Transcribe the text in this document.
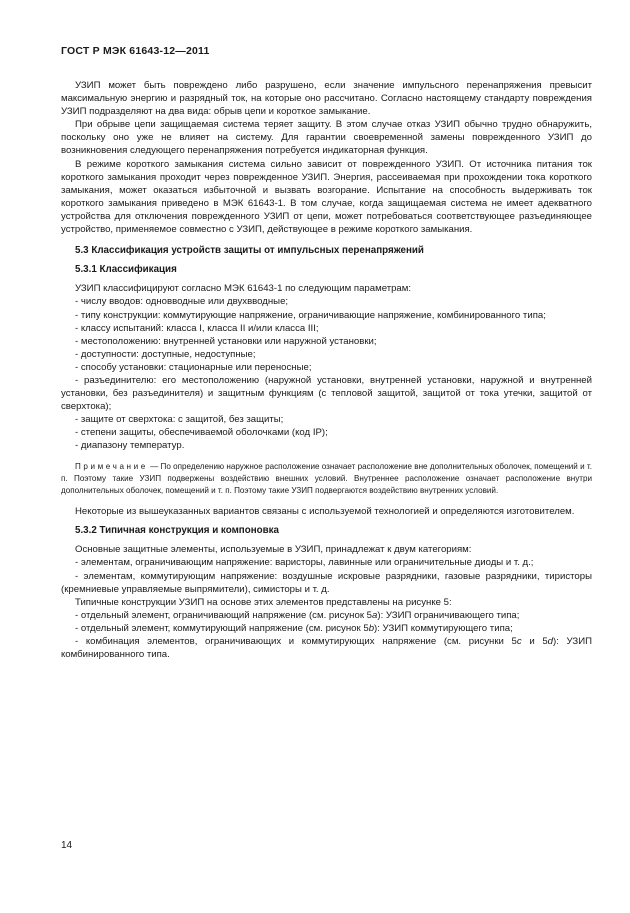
ГОСТ Р МЭК 61643-12—2011

УЗИП может быть повреждено либо разрушено, если значение импульсного перенапряжения превысит максимальную энергию и разрядный ток, на которые оно рассчитано. Согласно настоящему стандарту повреждения УЗИП подразделяют на два вида: обрыв цепи и короткое замыкание.

При обрыве цепи защищаемая система теряет защиту. В этом случае отказ УЗИП обычно трудно обнаружить, поскольку оно уже не влияет на систему. Для гарантии своевременной замены поврежденного УЗИП до возникновения следующего перенапряжения потребуется индикаторная функция.

В режиме короткого замыкания система сильно зависит от поврежденного УЗИП. От источника питания ток короткого замыкания проходит через поврежденное УЗИП. Энергия, рассеиваемая при прохождении тока короткого замыкания, может оказаться избыточной и вызвать возгорание. Испытание на способность выдерживать ток короткого замыкания приведено в МЭК 61643-1. В том случае, когда защищаемая система не имеет адекватного устройства для отключения поврежденного УЗИП от цепи, может потребоваться соответствующее разъединяющее устройство, применяемое совместно с УЗИП, действующее в режиме короткого замыкания.

5.3 Классификация устройств защиты от импульсных перенапряжений
5.3.1 Классификация

УЗИП классифицируют согласно МЭК 61643-1 по следующим параметрам:

- числу вводов: одновводные или двухвводные;

- типу конструкции: коммутирующие напряжение, ограничивающие напряжение, комбинированного типа;

- классу испытаний: класса I, класса II и/или класса III;

- местоположению: внутренней установки или наружной установки;

- доступности: доступные, недоступные;

- способу установки: стационарные или переносные;

- разъединителю: его местоположению (наружной установки, внутренней установки, наружной и внутренней установки, без разъединителя) и защитным функциям (с тепловой защитой, защитой от тока утечки, защитой от сверхтока);

- защите от сверхтока: с защитой, без защиты;

- степени защиты, обеспечиваемой оболочками (код IP);

- диапазону температур.

Примечание — По определению наружное расположение означает расположение вне дополнительных оболочек, помещений и т. п. Поэтому такие УЗИП подвержены воздействию внешних условий. Внутреннее расположение означает расположение внутри дополнительных оболочек, помещений и т. п. Поэтому такие УЗИП подвергаются воздействию внутренних условий.

Некоторые из вышеуказанных вариантов связаны с используемой технологией и определяются изготовителем.

5.3.2 Типичная конструкция и компоновка

Основные защитные элементы, используемые в УЗИП, принадлежат к двум категориям:

- элементам, ограничивающим напряжение: варисторы, лавинные или ограничительные диоды и т. д.;

- элементам, коммутирующим напряжение: воздушные искровые разрядники, газовые разрядники, тиристоры (кремниевые управляемые выпрямители), симисторы и т. д.

Типичные конструкции УЗИП на основе этих элементов представлены на рисунке 5:

- отдельный элемент, ограничивающий напряжение (см. рисунок 5a): УЗИП ограничивающего типа;

- отдельный элемент, коммутирующий напряжение (см. рисунок 5b): УЗИП коммутирующего типа;

- комбинация элементов, ограничивающих и коммутирующих напряжение (см. рисунки 5c и 5d): УЗИП комбинированного типа.

14
